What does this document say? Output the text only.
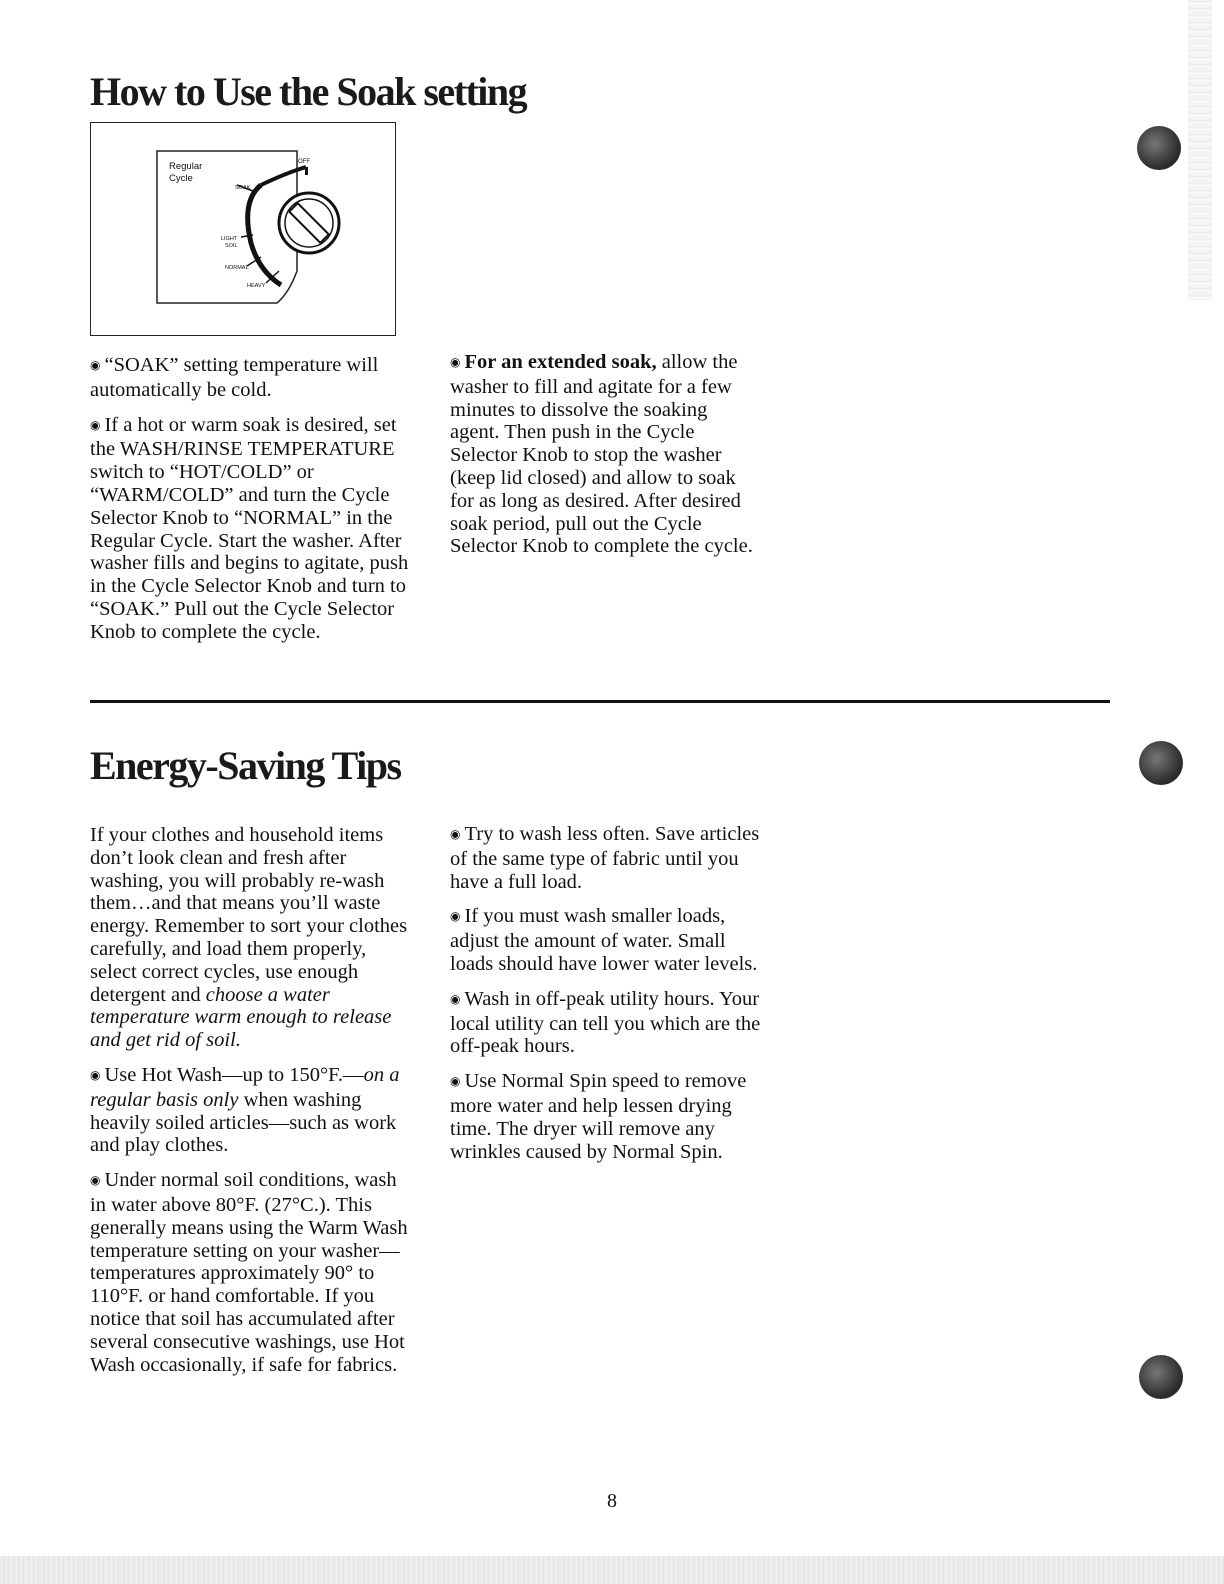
How to Use the Soak setting
Regular
Cycle
OFF
SOAK
LIGHT
SOIL
NORMAL
HEAVY

◉ “SOAK” setting temperature will automatically be cold.

◉ If a hot or warm soak is desired, set the WASH/RINSE TEMPERATURE switch to “HOT/COLD” or “WARM/COLD” and turn the Cycle Selector Knob to “NORMAL” in the Regular Cycle. Start the washer. After washer fills and begins to agitate, push in the Cycle Selector Knob and turn to “SOAK.” Pull out the Cycle Selector Knob to complete the cycle.

◉ For an extended soak, allow the washer to fill and agitate for a few minutes to dissolve the soaking agent. Then push in the Cycle Selector Knob to stop the washer (keep lid closed) and allow to soak for as long as desired. After desired soak period, pull out the Cycle Selector Knob to complete the cycle.

Energy-Saving Tips

If your clothes and household items don’t look clean and fresh after washing, you will probably re-wash them…and that means you’ll waste energy. Remember to sort your clothes carefully, and load them properly, select correct cycles, use enough detergent and choose a water temperature warm enough to release and get rid of soil.

◉ Use Hot Wash—up to 150°F.—on a regular basis only when washing heavily soiled articles—such as work and play clothes.

◉ Under normal soil conditions, wash in water above 80°F. (27°C.). This generally means using the Warm Wash temperature setting on your washer—temperatures approximately 90° to 110°F. or hand comfortable. If you notice that soil has accumulated after several consecutive washings, use Hot Wash occasionally, if safe for fabrics.

◉ Try to wash less often. Save articles of the same type of fabric until you have a full load.

◉ If you must wash smaller loads, adjust the amount of water. Small loads should have lower water levels.

◉ Wash in off-peak utility hours. Your local utility can tell you which are the off-peak hours.

◉ Use Normal Spin speed to remove more water and help lessen drying time. The dryer will remove any wrinkles caused by Normal Spin.

8
